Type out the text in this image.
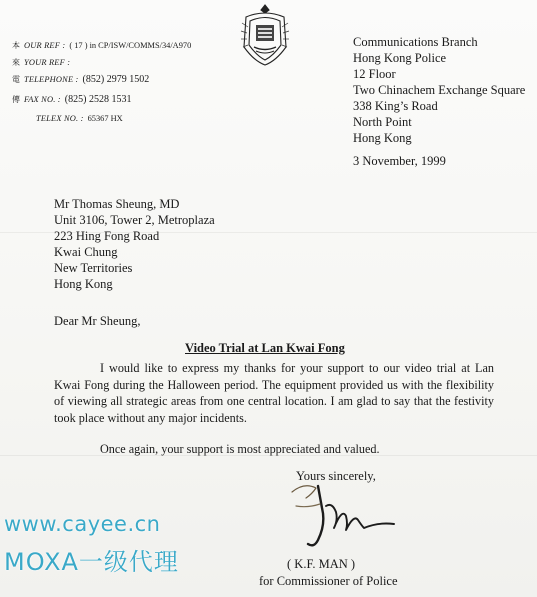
本 OUR REF : ( 17 ) in CP/ISW/COMMS/34/A970
來 YOUR REF :
電 TELEPHONE : (852) 2979 1502
傳 FAX NO. : (825) 2528 1531
TELEX NO. : 65367 HX
Communications Branch
Hong Kong Police
12 Floor
Two Chinachem Exchange Square
338 King’s Road
North Point
Hong Kong
3 November, 1999
Mr Thomas Sheung, MD
Unit 3106, Tower 2, Metroplaza
223 Hing Fong Road
Kwai Chung
New Territories
Hong Kong
Dear Mr Sheung,
Video Trial at Lan Kwai Fong
I would like to express my thanks for your support to our video trial at Lan Kwai Fong during the Halloween period. The equipment provided us with the flexibility of viewing all strategic areas from one central location. I am glad to say that the festivity took place without any major incidents.
Once again, your support is most appreciated and valued.
Yours sincerely,
( K.F. MAN )
for Commissioner of Police
www.cayee.cn
MOXA一级代理
